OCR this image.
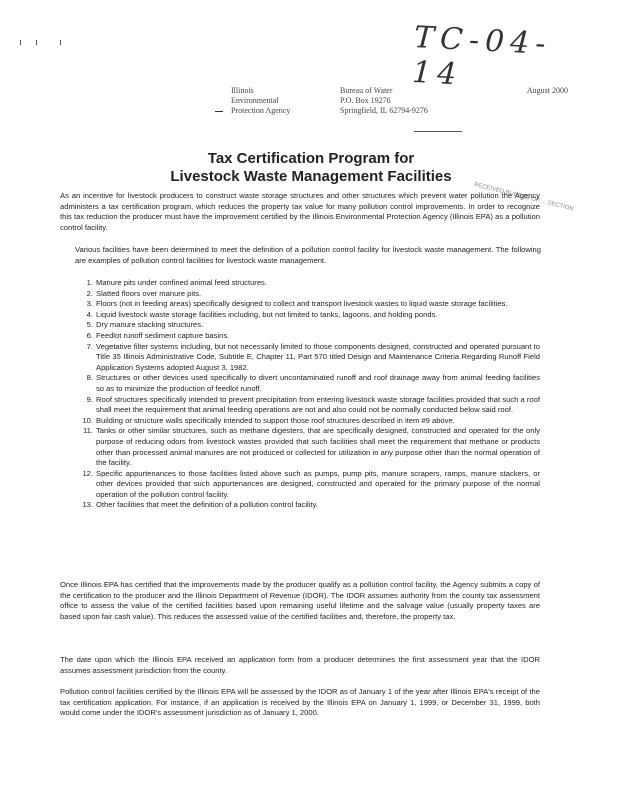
TC-04-14
Illinois
Environmental
Protection Agency
Bureau of Water
P.O. Box 19276
Springfield, IL 62794-9276
August 2000
Tax Certification Program for
Livestock Waste Management Facilities
RECEIVED BUREAU OF ... SECTION

As an incentive for livestock producers to construct waste storage structures and other structures which prevent water pollution the Agency administers a tax certification program, which reduces the property tax value for many pollution control improvements. In order to recognize this tax reduction the producer must have the improvement certified by the Illinois Environmental Protection Agency (Illinois EPA) as a pollution control facility.

Various facilities have been determined to meet the definition of a pollution control facility for livestock waste management. The following are examples of pollution control facilities for livestock waste management.

1. Manure pits under confined animal feed structures.
2. Slatted floors over manure pits.
3. Floors (not in feeding areas) specifically designed to collect and transport livestock wastes to liquid waste storage facilities.
4. Liquid livestock waste storage facilities including, but not limited to tanks, lagoons, and holding ponds.
5. Dry manure stacking structures.
6. Feedlot runoff sediment capture basins.
7. Vegetative filter systems including, but not necessarily limited to those components designed, constructed and operated pursuant to Title 35 Illinois Administrative Code, Subtitle E, Chapter 11, Part 570 titled Design and Maintenance Criteria Regarding Runoff Field Application Systems adopted August 3, 1982.
8. Structures or other devices used specifically to divert uncontaminated runoff and roof drainage away from animal feeding facilities so as to minimize the production of feedlot runoff.
9. Roof structures specifically intended to prevent precipitation from entering livestock waste storage facilities provided that such a roof shall meet the requirement that animal feeding operations are not and also could not be normally conducted below said roof.
10. Building or structure walls specifically intended to support those roof structures described in item #9 above.
11. Tanks or other similar structures, such as methane digesters, that are specifically designed, constructed and operated for the only purpose of reducing odors from livestock wastes provided that such facilities shall meet the requirement that methane or products other than processed animal manures are not produced or collected for utilization in any purpose other than the normal operation of the facility.
12. Specific appurtenances to those facilities listed above such as pumps, pump pits, manure scrapers, ramps, manure stackers, or other devices provided that such appurtenances are designed, constructed and operated for the primary purpose of the normal operation of the pollution control facility.
13. Other facilities that meet the definition of a pollution control facility.

Once Illinois EPA has certified that the improvements made by the producer qualify as a pollution control facility, the Agency submits a copy of the certification to the producer and the Illinois Department of Revenue (IDOR). The IDOR assumes authority from the county tax assessment office to assess the value of the certified facilities based upon remaining useful lifetime and the salvage value (usually property taxes are based upon fair cash value). This reduces the assessed value of the certified facilities and, therefore, the property tax.

The date upon which the Illinois EPA received an application form from a producer determines the first assessment year that the IDOR assumes assessment jurisdiction from the county.

Pollution control facilities certified by the Illinois EPA will be assessed by the IDOR as of January 1 of the year after Illinois EPA's receipt of the tax certification application. For instance, if an application is received by the Illinois EPA on January 1, 1999, or December 31, 1999, both would come under the IDOR's assessment jurisdiction as of January 1, 2000.
